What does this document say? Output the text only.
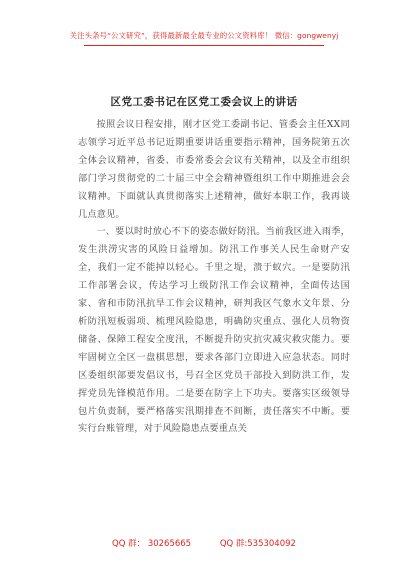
关注头条号“公文研究”，获得最新最全最专业的公文资料库！ 微信：gongwenyj
区党工委书记在区党工委会议上的讲话

按照会议日程安排，刚才区党工委副书记、管委会主任XX同志领学习近平总书记近期重要讲话重要指示精神，国务院第五次全体会议精神，省委、市委常委会会议有关精神，以及全市组织部门学习贯彻党的二十届三中全会精神暨组织工作中期推进会会议精神。下面就认真贯彻落实上述精神，做好本职工作，我再谈几点意见。

一、要以时时放心不下的姿态做好防汛。当前我区进入雨季，发生洪涝灾害的风险日益增加。防汛工作事关人民生命财产安全，我们一定不能掉以轻心。千里之堤，溃于蚁穴。一是要防汛工作部署会议，传达学习上级防汛工作会议精神，全面传达国家、省和市防汛抗旱工作会议精神，研判我区气象水文年景、分析防汛短板弱项、梳理风险隐患，明确防灾重点、强化人员物资储备、保障工程安全度汛，不断提升防灾抗灾减灾救灾能力。要牢固树立全区一盘棋思想，要求各部门立即进入应急状态。同时区委组织部要发倡议书，号召全区党员干部投入到防洪工作，发挥党员先锋模范作用。二是要在防字上下功夫。要落实区级领导包片负责制，要严格落实汛期排查不间断，责任落实不中断。要实行台账管理，对于风险隐患点要重点关

QQ 群： 30265665	QQ 群:535304092
